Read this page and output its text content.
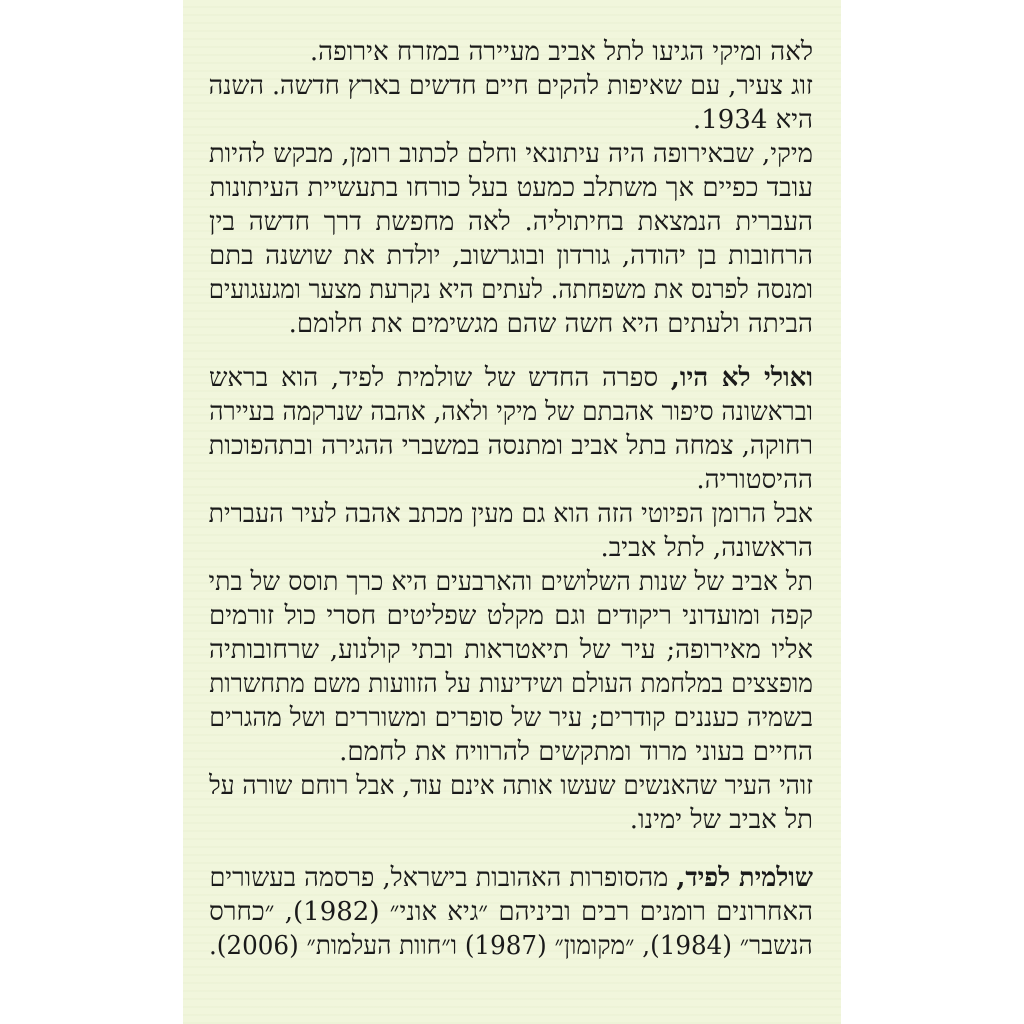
לאה ומיקי הגיעו לתל אביב מעיירה במזרח אירופה.
זוג צעיר, עם שאיפות להקים חיים חדשים בארץ חדשה. השנה
היא 1934.
מיקי, שבאירופה היה עיתונאי וחלם לכתוב רומן, מבקש להיות
עובד כפיים אך משתלב כמעט בעל כורחו בתעשיית העיתונות
העברית הנמצאת בחיתוליה. לאה מחפשת דרך חדשה בין
הרחובות בן יהודה, גורדון ובוגרשוב, יולדת את שושנה בתם
ומנסה לפרנס את משפחתה. לעתים היא נקרעת מצער ומגעגועים
הביתה ולעתים היא חשה שהם מגשימים את חלומם.
ואולי לא היו, ספרה החדש של שולמית לפיד, הוא בראש
ובראשונה סיפור אהבתם של מיקי ולאה, אהבה שנרקמה בעיירה
רחוקה, צמחה בתל אביב ומתנסה במשברי ההגירה ובתהפוכות
ההיסטוריה.
אבל הרומן הפיוטי הזה הוא גם מעין מכתב אהבה לעיר העברית
הראשונה, לתל אביב.
תל אביב של שנות השלושים והארבעים היא כרך תוסס של בתי
קפה ומועדוני ריקודים וגם מקלט שפליטים חסרי כול זורמים
אליו מאירופה; עיר של תיאטראות ובתי קולנוע, שרחובותיה
מופצצים במלחמת העולם ושידיעות על הזוועות משם מתחשרות
בשמיה כעננים קודרים; עיר של סופרים ומשוררים ושל מהגרים
החיים בעוני מרוד ומתקשים להרוויח את לחמם.
זוהי העיר שהאנשים שעשו אותה אינם עוד, אבל רוחם שורה על
תל אביב של ימינו.
שולמית לפיד, מהסופרות האהובות בישראל, פרסמה בעשורים
האחרונים רומנים רבים וביניהם ״גיא אוני״ (1982), ״כחרס
הנשבר״ (1984), ״מקומון״ (1987) ו״חוות העלמות״ (2006).
